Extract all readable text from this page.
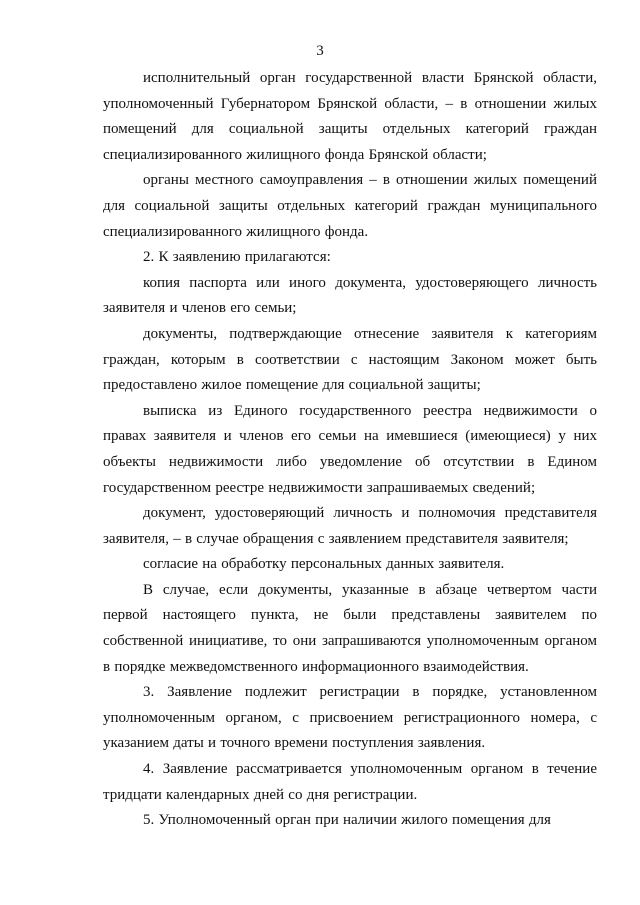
3

исполнительный орган государственной власти Брянской области, уполномоченный Губернатором Брянской области, – в отношении жилых помещений для социальной защиты отдельных категорий граждан специализированного жилищного фонда Брянской области;

органы местного самоуправления – в отношении жилых помещений для социальной защиты отдельных категорий граждан муниципального специализированного жилищного фонда.

2. К заявлению прилагаются:

копия паспорта или иного документа, удостоверяющего личность заявителя и членов его семьи;

документы, подтверждающие отнесение заявителя к категориям граждан, которым в соответствии с настоящим Законом может быть предоставлено жилое помещение для социальной защиты;

выписка из Единого государственного реестра недвижимости о правах заявителя и членов его семьи на имевшиеся (имеющиеся) у них объекты недвижимости либо уведомление об отсутствии в Едином государственном реестре недвижимости запрашиваемых сведений;

документ, удостоверяющий личность и полномочия представителя заявителя, – в случае обращения с заявлением представителя заявителя;

согласие на обработку персональных данных заявителя.

В случае, если документы, указанные в абзаце четвертом части первой настоящего пункта, не были представлены заявителем по собственной инициативе, то они запрашиваются уполномоченным органом в порядке межведомственного информационного взаимодействия.

3. Заявление подлежит регистрации в порядке, установленном уполномоченным органом, с присвоением регистрационного номера, с указанием даты и точного времени поступления заявления.

4. Заявление рассматривается уполномоченным органом в течение тридцати календарных дней со дня регистрации.

5. Уполномоченный орган при наличии жилого помещения для
